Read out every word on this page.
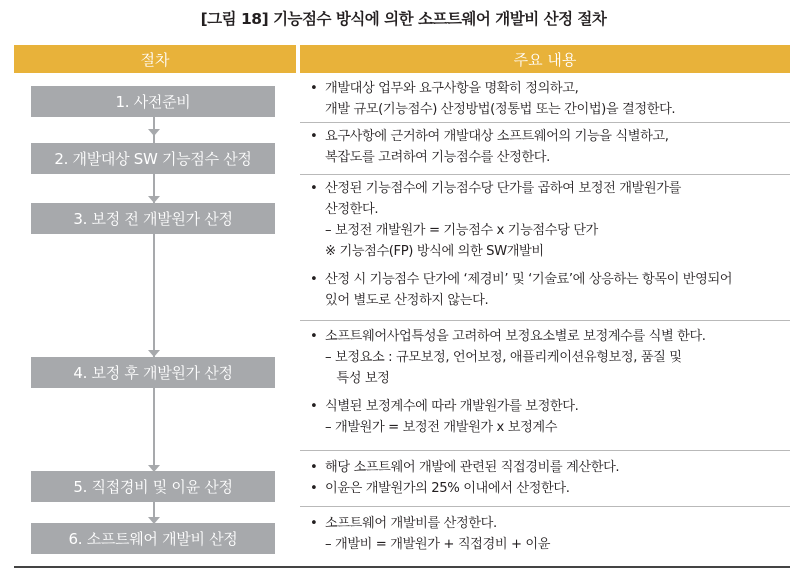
[그림 18] 기능점수 방식에 의한 소프트웨어 개발비 산정 절차
절차	주요 내용
1. 사전준비
2. 개발대상 SW 기능점수 산정
3. 보정 전 개발원가 산정
4. 보정 후 개발원가 산정
5. 직접경비 및 이윤 산정
6. 소프트웨어 개발비 산정
• 개발대상 업무와 요구사항을 명확히 정의하고,
개발 규모(기능점수) 산정방법(정통법 또는 간이법)을 결정한다.
• 요구사항에 근거하여 개발대상 소프트웨어의 기능을 식별하고,
복잡도를 고려하여 기능점수를 산정한다.
• 산정된 기능점수에 기능점수당 단가를 곱하여 보정전 개발원가를
산정한다.
– 보정전 개발원가 = 기능점수 x 기능점수당 단가
※ 기능점수(FP) 방식에 의한 SW개발비
• 산정 시 기능점수 단가에 ‘제경비’ 및 ‘기술료’에 상응하는 항목이 반영되어
있어 별도로 산정하지 않는다.
• 소프트웨어사업특성을 고려하여 보정요소별로 보정계수를 식별 한다.
– 보정요소 : 규모보정, 언어보정, 애플리케이션유형보정, 품질 및
특성 보정
• 식별된 보정계수에 따라 개발원가를 보정한다.
– 개발원가 = 보정전 개발원가 x 보정계수
• 해당 소프트웨어 개발에 관련된 직접경비를 계산한다.
• 이윤은 개발원가의 25% 이내에서 산정한다.
• 소프트웨어 개발비를 산정한다.
– 개발비 = 개발원가 + 직접경비 + 이윤
